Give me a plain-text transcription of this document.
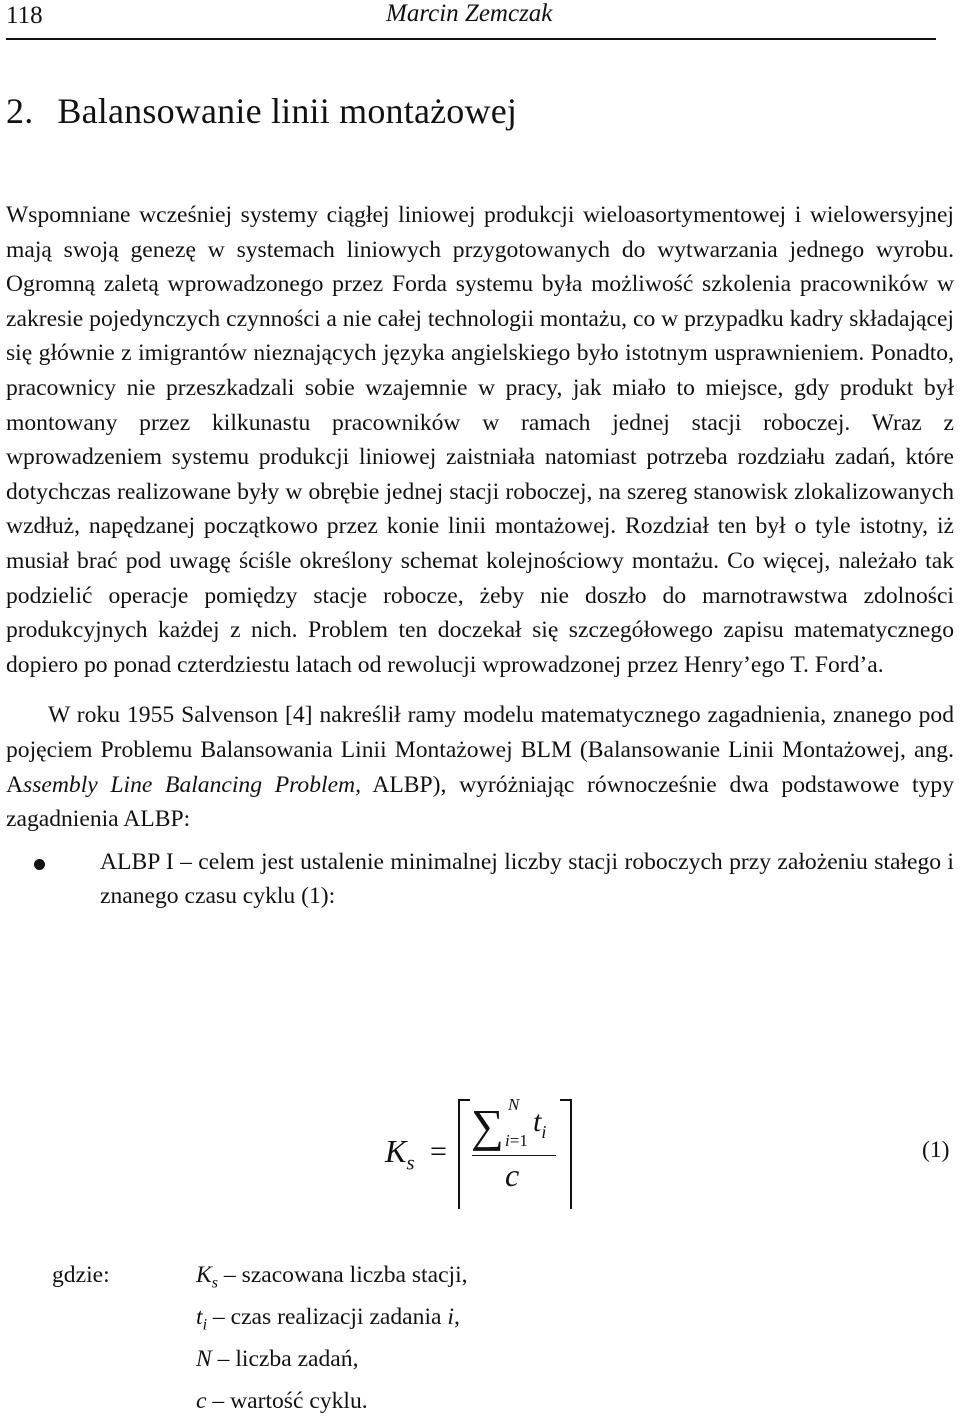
118	Marcin Zemczak
2. Balansowanie linii montażowej

Wspomniane wcześniej systemy ciągłej liniowej produkcji wieloasortymentowej i wielowersyjnej mają swoją genezę w systemach liniowych przygotowanych do wytwarzania jednego wyrobu. Ogromną zaletą wprowadzonego przez Forda systemu była możliwość szkolenia pracowników w zakresie pojedynczych czynności a nie całej technologii montażu, co w przypadku kadry składającej się głównie z imigrantów nieznających języka angielskiego było istotnym usprawnieniem. Ponadto, pracownicy nie przeszkadzali sobie wzajemnie w pracy, jak miało to miejsce, gdy produkt był montowany przez kilkunastu pracowników w ramach jednej stacji roboczej. Wraz z wprowadzeniem systemu produkcji liniowej zaistniała natomiast potrzeba rozdziału zadań, które dotychczas realizowane były w obrębie jednej stacji roboczej, na szereg stanowisk zlokalizowanych wzdłuż, napędzanej początkowo przez konie linii montażowej. Rozdział ten był o tyle istotny, iż musiał brać pod uwagę ściśle określony schemat kolejnościowy montażu. Co więcej, należało tak podzielić operacje pomiędzy stacje robocze, żeby nie doszło do marnotrawstwa zdolności produkcyjnych każdej z nich. Problem ten doczekał się szczegółowego zapisu matematycznego dopiero po ponad czterdziestu latach od rewolucji wprowadzonej przez Henry’ego T. Ford’a.

W roku 1955 Salvenson [4] nakreślił ramy modelu matematycznego zagadnienia, znanego pod pojęciem Problemu Balansowania Linii Montażowej BLM (Balansowanie Linii Montażowej, ang. Assembly Line Balancing Problem, ALBP), wyróżniając równocześnie dwa podstawowe typy zagadnienia ALBP:

ALBP I – celem jest ustalenie minimalnej liczby stacji roboczych przy założeniu stałego i znanego czasu cyklu (1):
$K_s$ =
∑ N
i=1
$t_i$
c
(1)
gdzie:	$K_s$ – szacowana liczba stacji,
$t_i$ – czas realizacji zadania i,
N – liczba zadań,
c – wartość cyklu.
